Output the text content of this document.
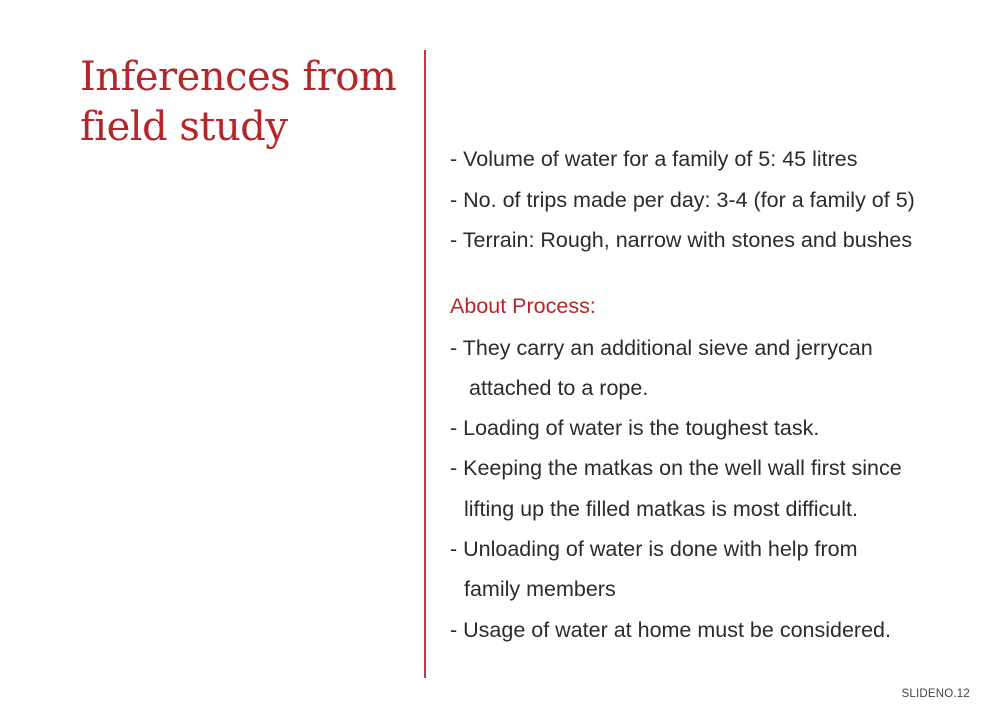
Inferences from
field study

- Volume of water for a family of 5: 45 litres

- No. of trips made per day: 3-4 (for a family of 5)

- Terrain: Rough, narrow with stones and bushes

About Process:

- They carry an additional sieve and jerrycan

attached to a rope.

- Loading of water is the toughest task.

- Keeping the matkas on the well wall first since

lifting up the filled matkas is most difficult.

- Unloading of water is done with help from

family members

- Usage of water at home must be considered.

SLIDENO.12
